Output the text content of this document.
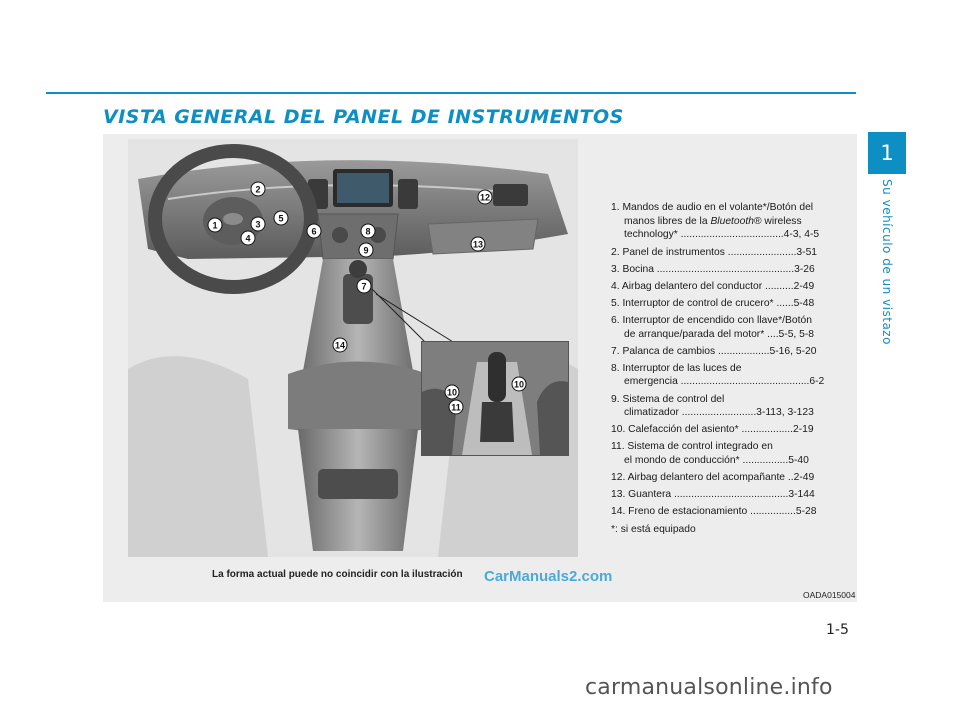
VISTA GENERAL DEL PANEL DE INSTRUMENTOS
1
2
3
4
5
6
7
8
9
12
13
14
10
10
11
1. Mandos de audio en el volante*/Botón del
manos libres de la Bluetooth® wireless
technology* ....................................4-3, 4-5
2. Panel de instrumentos ........................3-51
3. Bocina ................................................3-26
4. Airbag delantero del conductor ..........2-49
5. Interruptor de control de crucero* ......5-48
6. Interruptor de encendido con llave*/Botón
de arranque/parada del motor* ....5-5, 5-8
7. Palanca de cambios ..................5-16, 5-20
8. Interruptor de las luces de
emergencia .............................................6-2
9. Sistema de control del
climatizador ..........................3-113, 3-123
10. Calefacción del asiento* ..................2-19
11. Sistema de control integrado en
el mondo de conducción* ................5-40
12. Airbag delantero del acompañante ..2-49
13. Guantera ........................................3-144
14. Freno de estacionamiento ................5-28
*: si está equipado
La forma actual puede no coincidir con la ilustración CarManuals2.com
OADA015004
1
Su vehículo de un vistazo
1-5
carmanualsonline.info
